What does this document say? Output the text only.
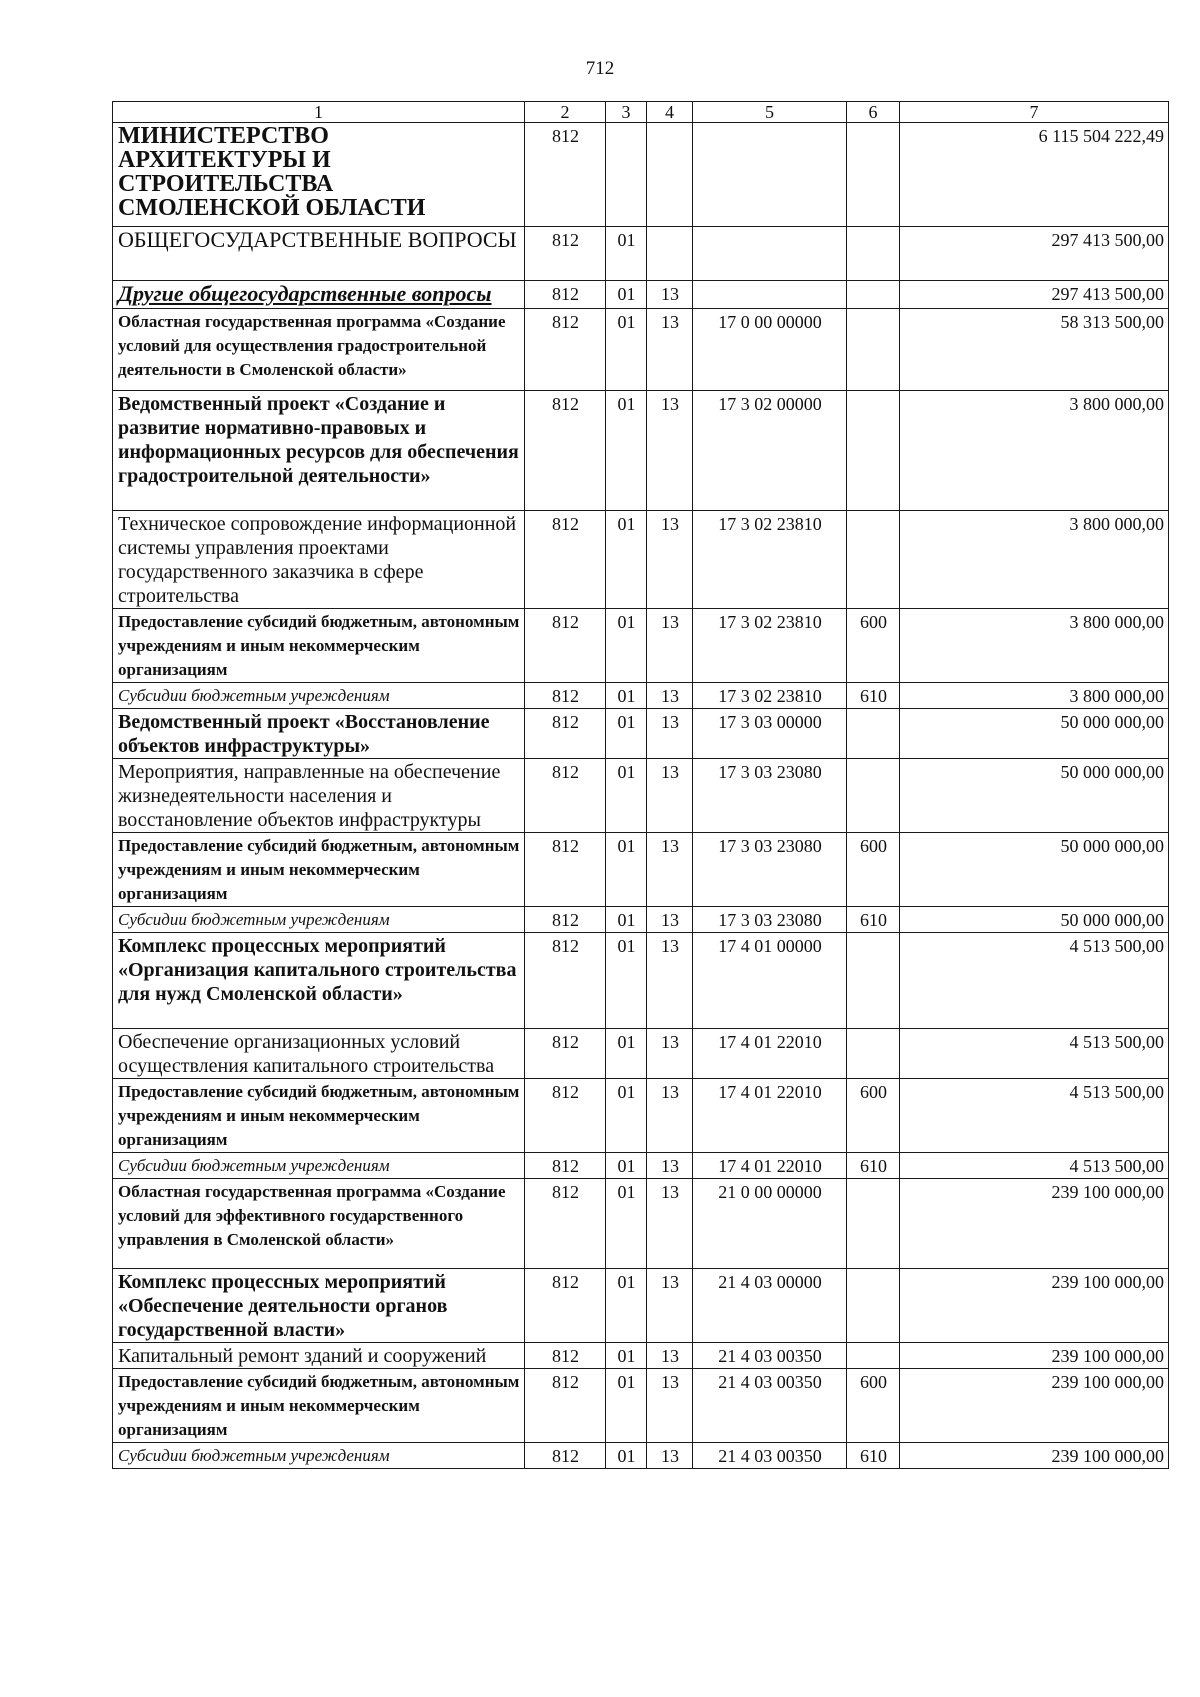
712
1	2	3	4	5	6	7
МИНИСТЕРСТВО АРХИТЕКТУРЫ И СТРОИТЕЛЬСТВА СМОЛЕНСКОЙ ОБЛАСТИ	812					6 115 504 222,49
ОБЩЕГОСУДАРСТВЕННЫЕ ВОПРОСЫ	812	01				297 413 500,00
Другие общегосударственные вопросы	812	01	13			297 413 500,00
Областная государственная программа «Создание условий для осуществления градостроительной деятельности в Смоленской области»	812	01	13	17 0 00 00000		58 313 500,00
Ведомственный проект «Создание и развитие нормативно-правовых и информационных ресурсов для обеспечения градостроительной деятельности»	812	01	13	17 3 02 00000		3 800 000,00
Техническое сопровождение информационной системы управления проектами государственного заказчика в сфере строительства	812	01	13	17 3 02 23810		3 800 000,00
Предоставление субсидий бюджетным, автономным учреждениям и иным некоммерческим организациям	812	01	13	17 3 02 23810	600	3 800 000,00
Субсидии бюджетным учреждениям	812	01	13	17 3 02 23810	610	3 800 000,00
Ведомственный проект «Восстановление объектов инфраструктуры»	812	01	13	17 3 03 00000		50 000 000,00
Мероприятия, направленные на обеспечение жизнедеятельности населения и восстановление объектов инфраструктуры	812	01	13	17 3 03 23080		50 000 000,00
Предоставление субсидий бюджетным, автономным учреждениям и иным некоммерческим организациям	812	01	13	17 3 03 23080	600	50 000 000,00
Субсидии бюджетным учреждениям	812	01	13	17 3 03 23080	610	50 000 000,00
Комплекс процессных мероприятий «Организация капитального строительства для нужд Смоленской области»	812	01	13	17 4 01 00000		4 513 500,00
Обеспечение организационных условий осуществления капитального строительства	812	01	13	17 4 01 22010		4 513 500,00
Предоставление субсидий бюджетным, автономным учреждениям и иным некоммерческим организациям	812	01	13	17 4 01 22010	600	4 513 500,00
Субсидии бюджетным учреждениям	812	01	13	17 4 01 22010	610	4 513 500,00
Областная государственная программа «Создание условий для эффективного государственного управления в Смоленской области»	812	01	13	21 0 00 00000		239 100 000,00
Комплекс процессных мероприятий «Обеспечение деятельности органов государственной власти»	812	01	13	21 4 03 00000		239 100 000,00
Капитальный ремонт зданий и сооружений	812	01	13	21 4 03 00350		239 100 000,00
Предоставление субсидий бюджетным, автономным учреждениям и иным некоммерческим организациям	812	01	13	21 4 03 00350	600	239 100 000,00
Субсидии бюджетным учреждениям	812	01	13	21 4 03 00350	610	239 100 000,00
